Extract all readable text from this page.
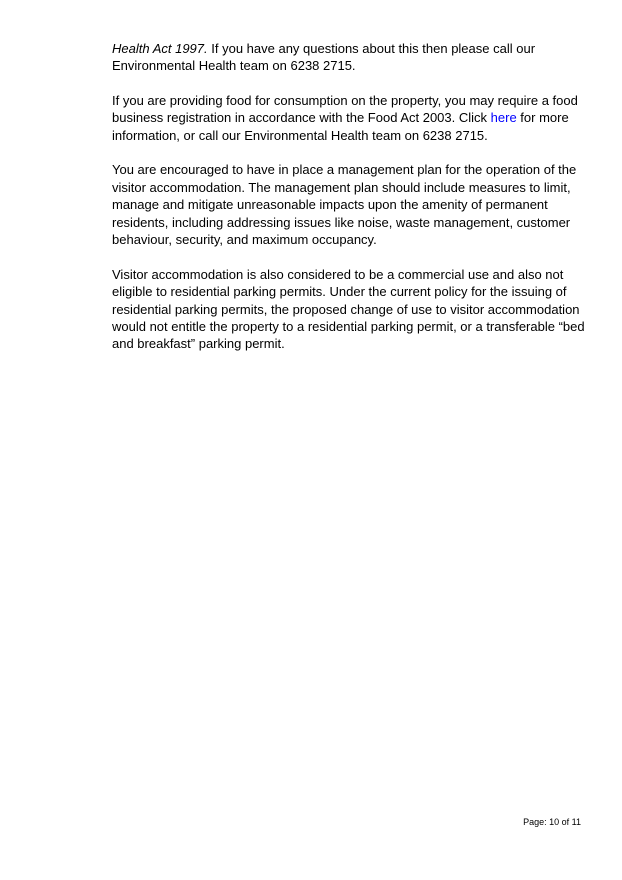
Health Act 1997. If you have any questions about this then please call our Environmental Health team on 6238 2715.

If you are providing food for consumption on the property, you may require a food business registration in accordance with the Food Act 2003. Click here for more information, or call our Environmental Health team on 6238 2715.

You are encouraged to have in place a management plan for the operation of the visitor accommodation. The management plan should include measures to limit, manage and mitigate unreasonable impacts upon the amenity of permanent residents, including addressing issues like noise, waste management, customer behaviour, security, and maximum occupancy.

Visitor accommodation is also considered to be a commercial use and also not eligible to residential parking permits. Under the current policy for the issuing of residential parking permits, the proposed change of use to visitor accommodation would not entitle the property to a residential parking permit, or a transferable “bed and breakfast” parking permit.

Page: 10 of 11
